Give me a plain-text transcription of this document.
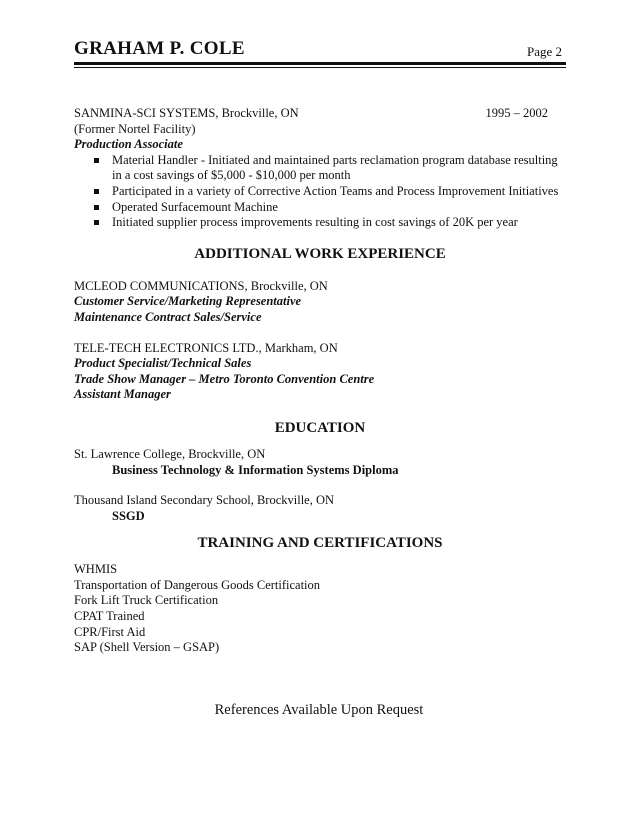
GRAHAM P. COLE	Page 2
SANMINA-SCI SYSTEMS, Brockville, ON	1995 – 2002
(Former Nortel Facility)
Production Associate
Material Handler - Initiated and maintained parts reclamation program database resulting in a cost savings of $5,000 - $10,000 per month
Participated in a variety of Corrective Action Teams and Process Improvement Initiatives
Operated Surfacemount Machine
Initiated supplier process improvements resulting in cost savings of 20K per year
ADDITIONAL WORK EXPERIENCE
MCLEOD COMMUNICATIONS, Brockville, ON
Customer Service/Marketing Representative
Maintenance Contract Sales/Service
TELE-TECH ELECTRONICS LTD., Markham, ON
Product Specialist/Technical Sales
Trade Show Manager – Metro Toronto Convention Centre
Assistant Manager
EDUCATION
St. Lawrence College, Brockville, ON
Business Technology & Information Systems Diploma
Thousand Island Secondary School, Brockville, ON
SSGD
TRAINING AND CERTIFICATIONS
WHMIS
Transportation of Dangerous Goods Certification
Fork Lift Truck Certification
CPAT Trained
CPR/First Aid
SAP (Shell Version – GSAP)
References Available Upon Request
